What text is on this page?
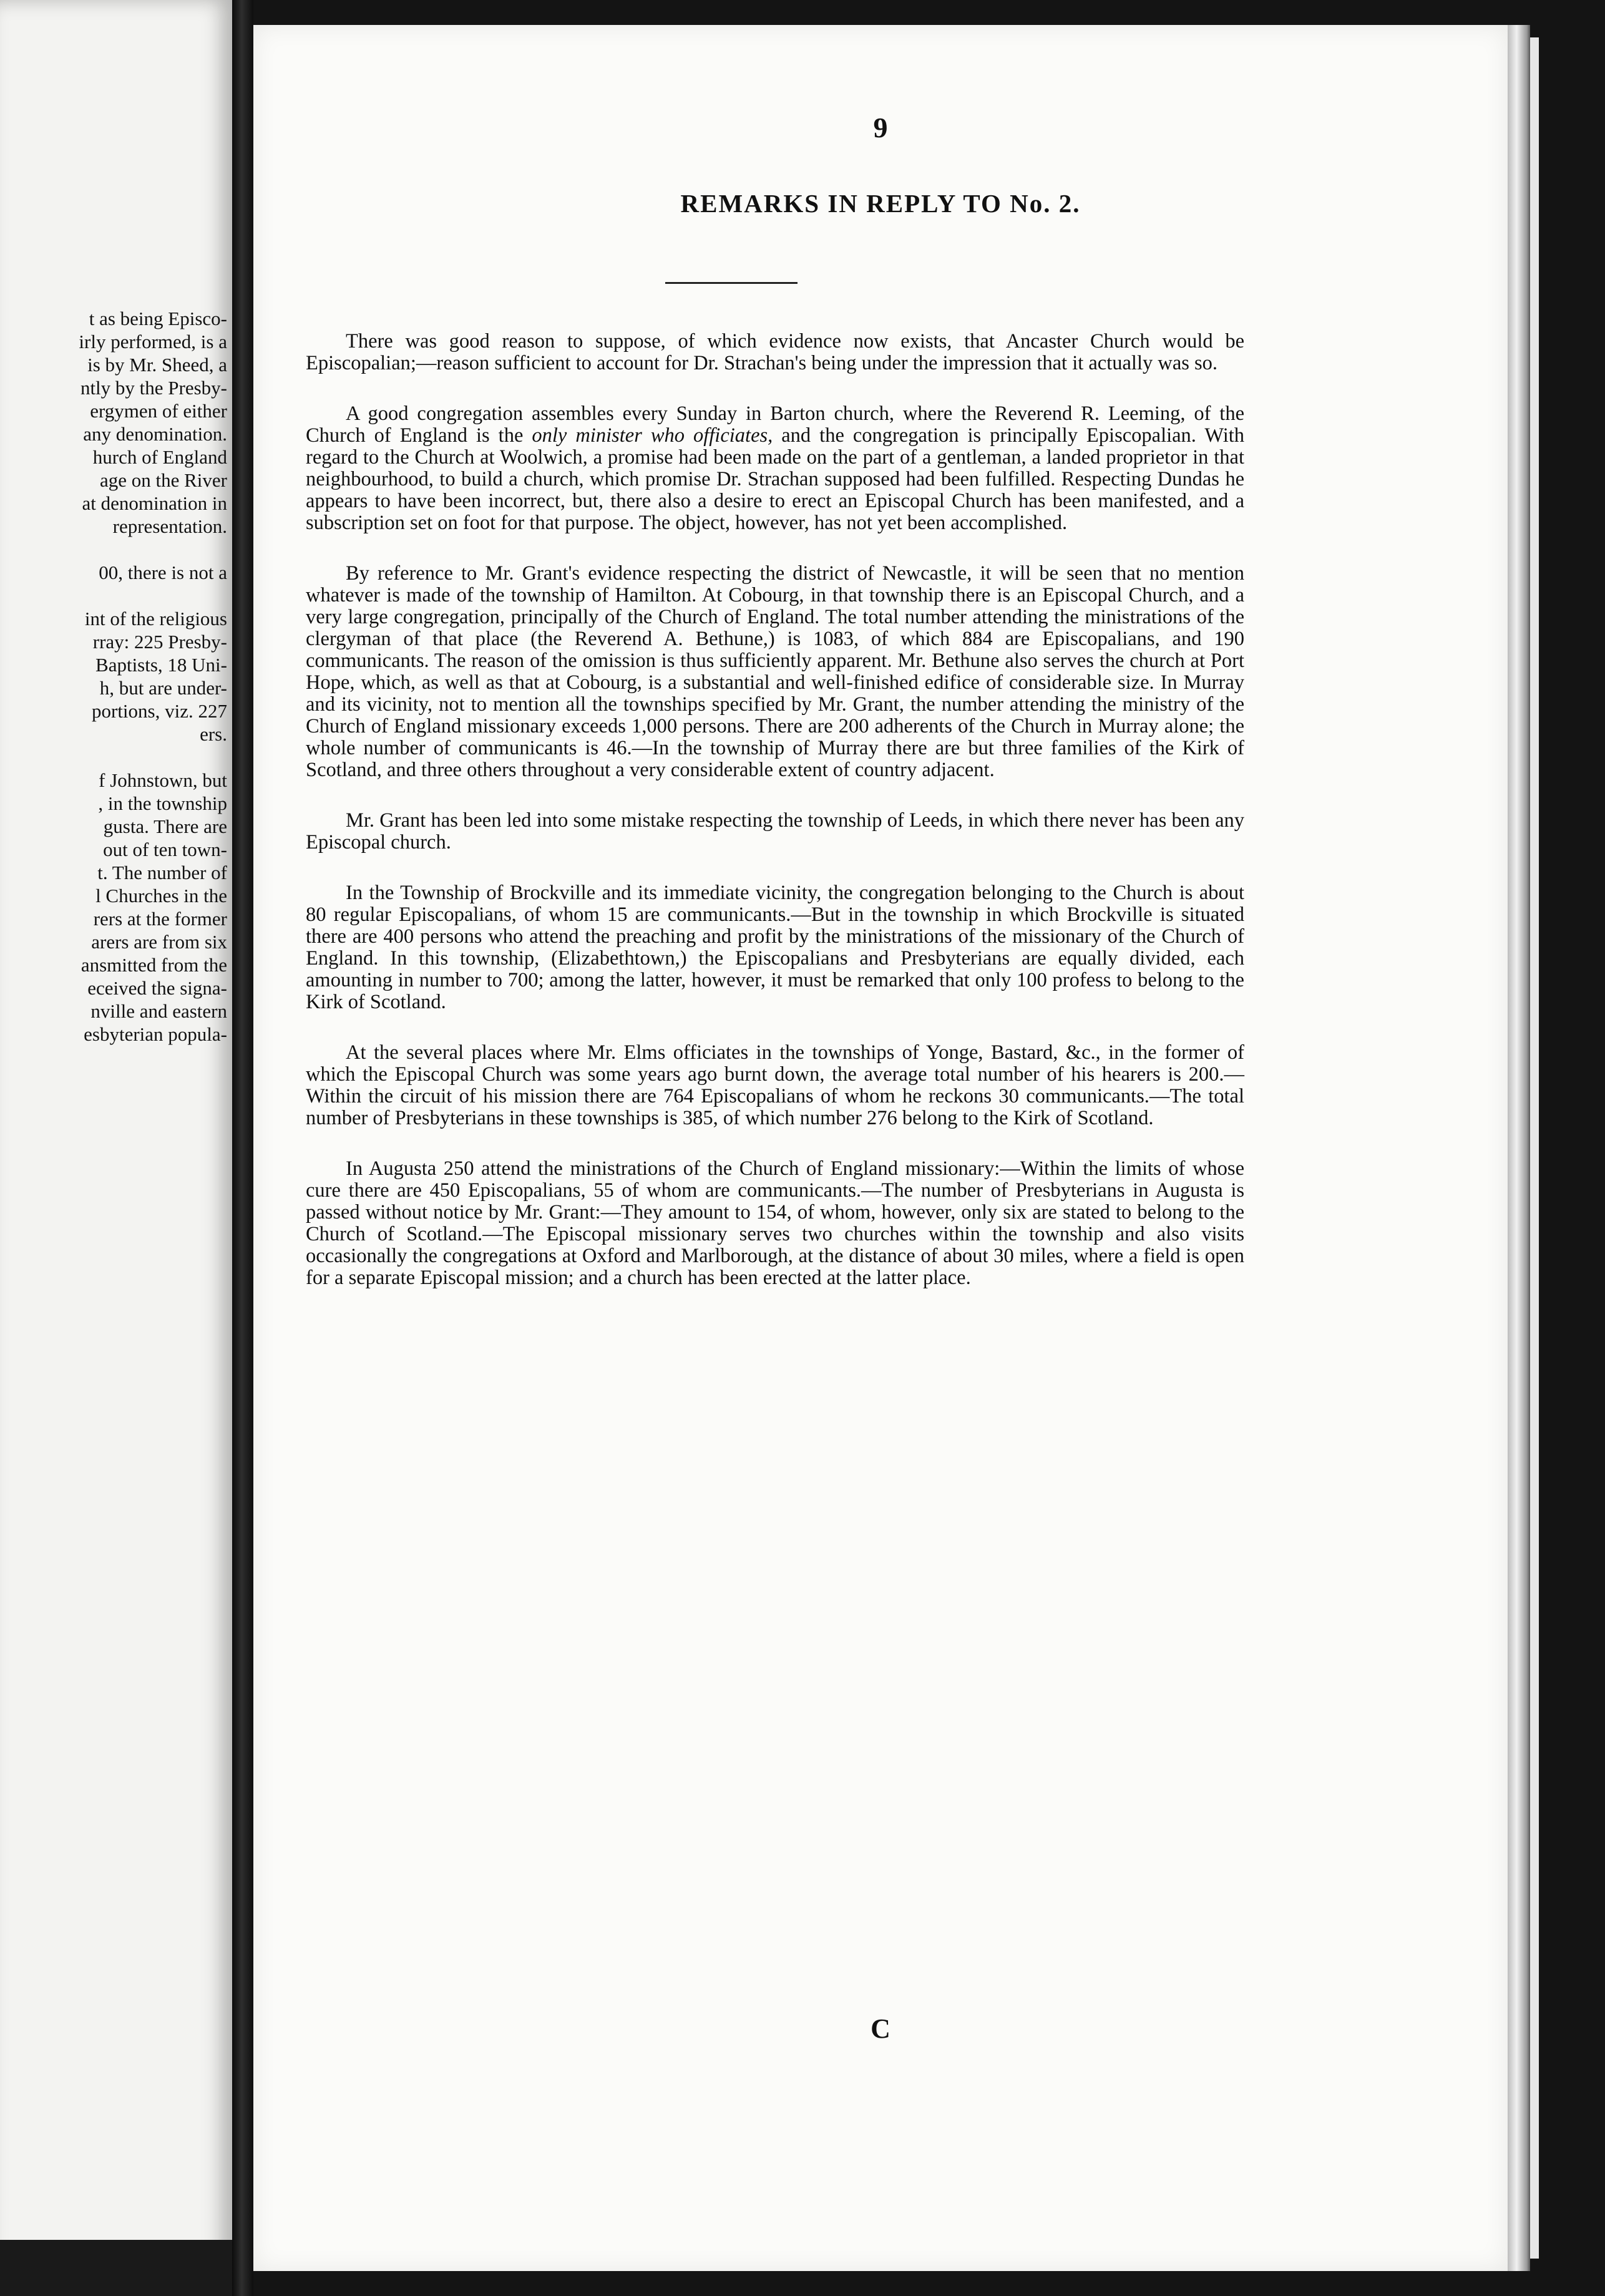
t as being Episco-
irly performed, is a
is by Mr. Sheed, a
ntly by the Presby-
ergymen of either
any denomination.
hurch of England
age on the River
at denomination in
representation.
00, there is not a
int of the religious
rray: 225 Presby-
Baptists, 18 Uni-
h, but are under-
portions, viz. 227
ers.
f Johnstown, but
, in the township
gusta. There are
out of ten town-
t. The number of
l Churches in the
rers at the former
arers are from six
ansmitted from the
eceived the signa-
nville and eastern
esbyterian popula-
9
REMARKS IN REPLY TO No. 2.

There was good reason to suppose, of which evidence now exists, that Ancaster Church would be Episcopalian;—reason sufficient to account for Dr. Strachan's being under the impression that it actually was so.

A good congregation assembles every Sunday in Barton church, where the Reverend R. Leeming, of the Church of England is the only minister who officiates, and the congregation is principally Episcopalian. With regard to the Church at Woolwich, a promise had been made on the part of a gentleman, a landed proprietor in that neighbourhood, to build a church, which promise Dr. Strachan supposed had been fulfilled. Respecting Dundas he appears to have been incorrect, but, there also a desire to erect an Episcopal Church has been manifested, and a subscription set on foot for that purpose. The object, however, has not yet been accomplished.

By reference to Mr. Grant's evidence respecting the district of Newcastle, it will be seen that no mention whatever is made of the township of Hamilton. At Cobourg, in that township there is an Episcopal Church, and a very large congregation, principally of the Church of England. The total number attending the ministrations of the clergyman of that place (the Reverend A. Bethune,) is 1083, of which 884 are Episcopalians, and 190 communicants. The reason of the omission is thus sufficiently apparent. Mr. Bethune also serves the church at Port Hope, which, as well as that at Cobourg, is a substantial and well-finished edifice of considerable size. In Murray and its vicinity, not to mention all the townships specified by Mr. Grant, the number attending the ministry of the Church of England missionary exceeds 1,000 persons. There are 200 adherents of the Church in Murray alone; the whole number of communicants is 46.—In the township of Murray there are but three families of the Kirk of Scotland, and three others throughout a very considerable extent of country adjacent.

Mr. Grant has been led into some mistake respecting the township of Leeds, in which there never has been any Episcopal church.

In the Township of Brockville and its immediate vicinity, the congregation belonging to the Church is about 80 regular Episcopalians, of whom 15 are communicants.—But in the township in which Brockville is situated there are 400 persons who attend the preaching and profit by the ministrations of the missionary of the Church of England. In this township, (Elizabethtown,) the Episcopalians and Presbyterians are equally divided, each amounting in number to 700; among the latter, however, it must be remarked that only 100 profess to belong to the Kirk of Scotland.

At the several places where Mr. Elms officiates in the townships of Yonge, Bastard, &c., in the former of which the Episcopal Church was some years ago burnt down, the average total number of his hearers is 200.—Within the circuit of his mission there are 764 Episcopalians of whom he reckons 30 communicants.—The total number of Presbyterians in these townships is 385, of which number 276 belong to the Kirk of Scotland.

In Augusta 250 attend the ministrations of the Church of England missionary:—Within the limits of whose cure there are 450 Episcopalians, 55 of whom are communicants.—The number of Presbyterians in Augusta is passed without notice by Mr. Grant:—They amount to 154, of whom, however, only six are stated to belong to the Church of Scotland.—The Episcopal missionary serves two churches within the township and also visits occasionally the congregations at Oxford and Marlborough, at the distance of about 30 miles, where a field is open for a separate Episcopal mission; and a church has been erected at the latter place.

C
